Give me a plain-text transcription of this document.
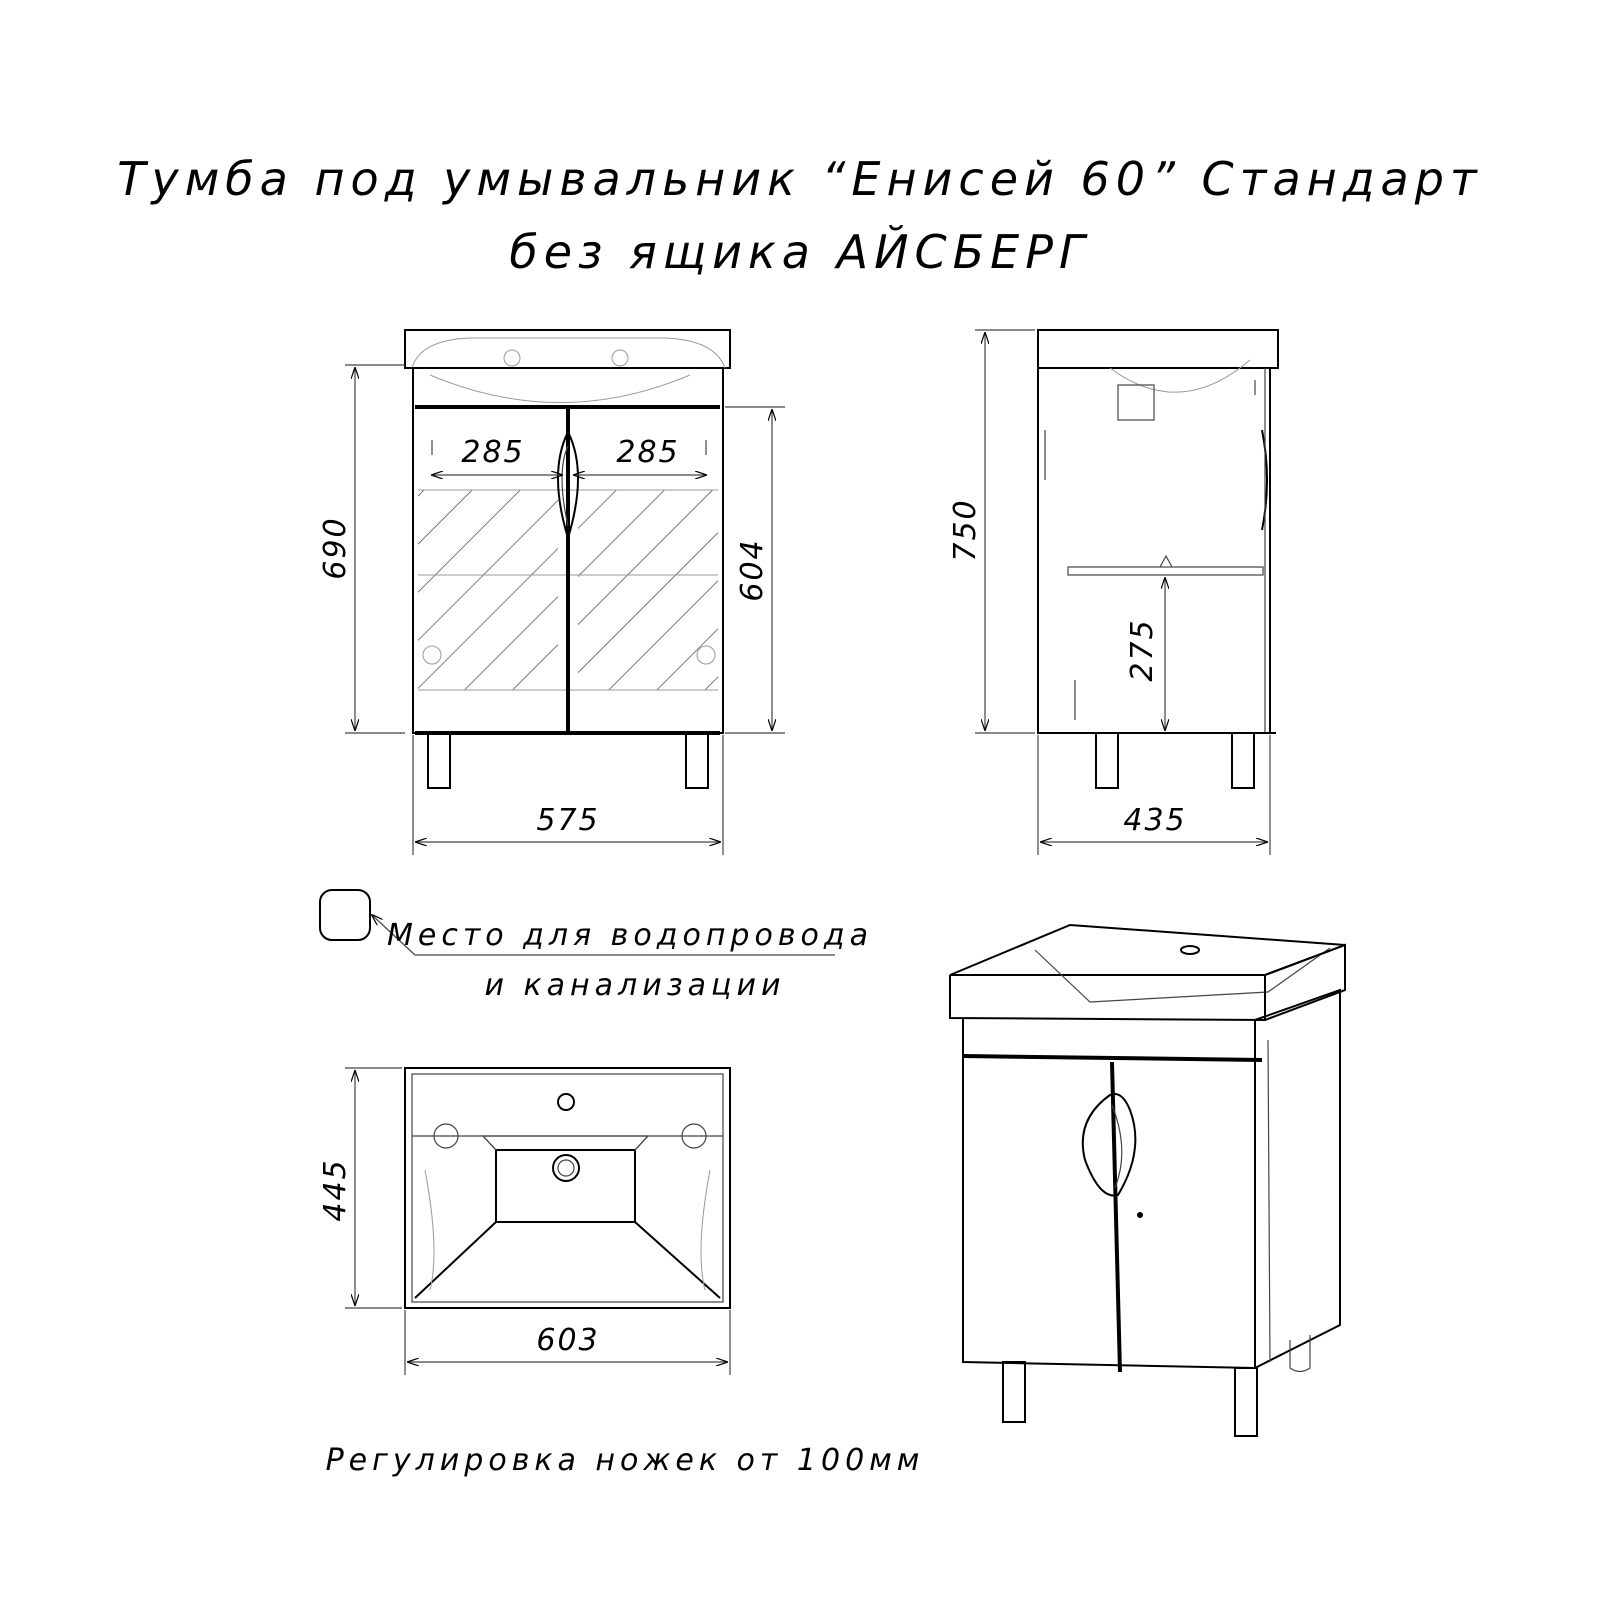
Тумба под умывальник “Енисей 60” Стандарт
без ящика АЙСБЕРГ
285	285
690	604
575
750
275
435
Место для водопровода
и канализации
445
603
Регулировка ножек от 100мм
